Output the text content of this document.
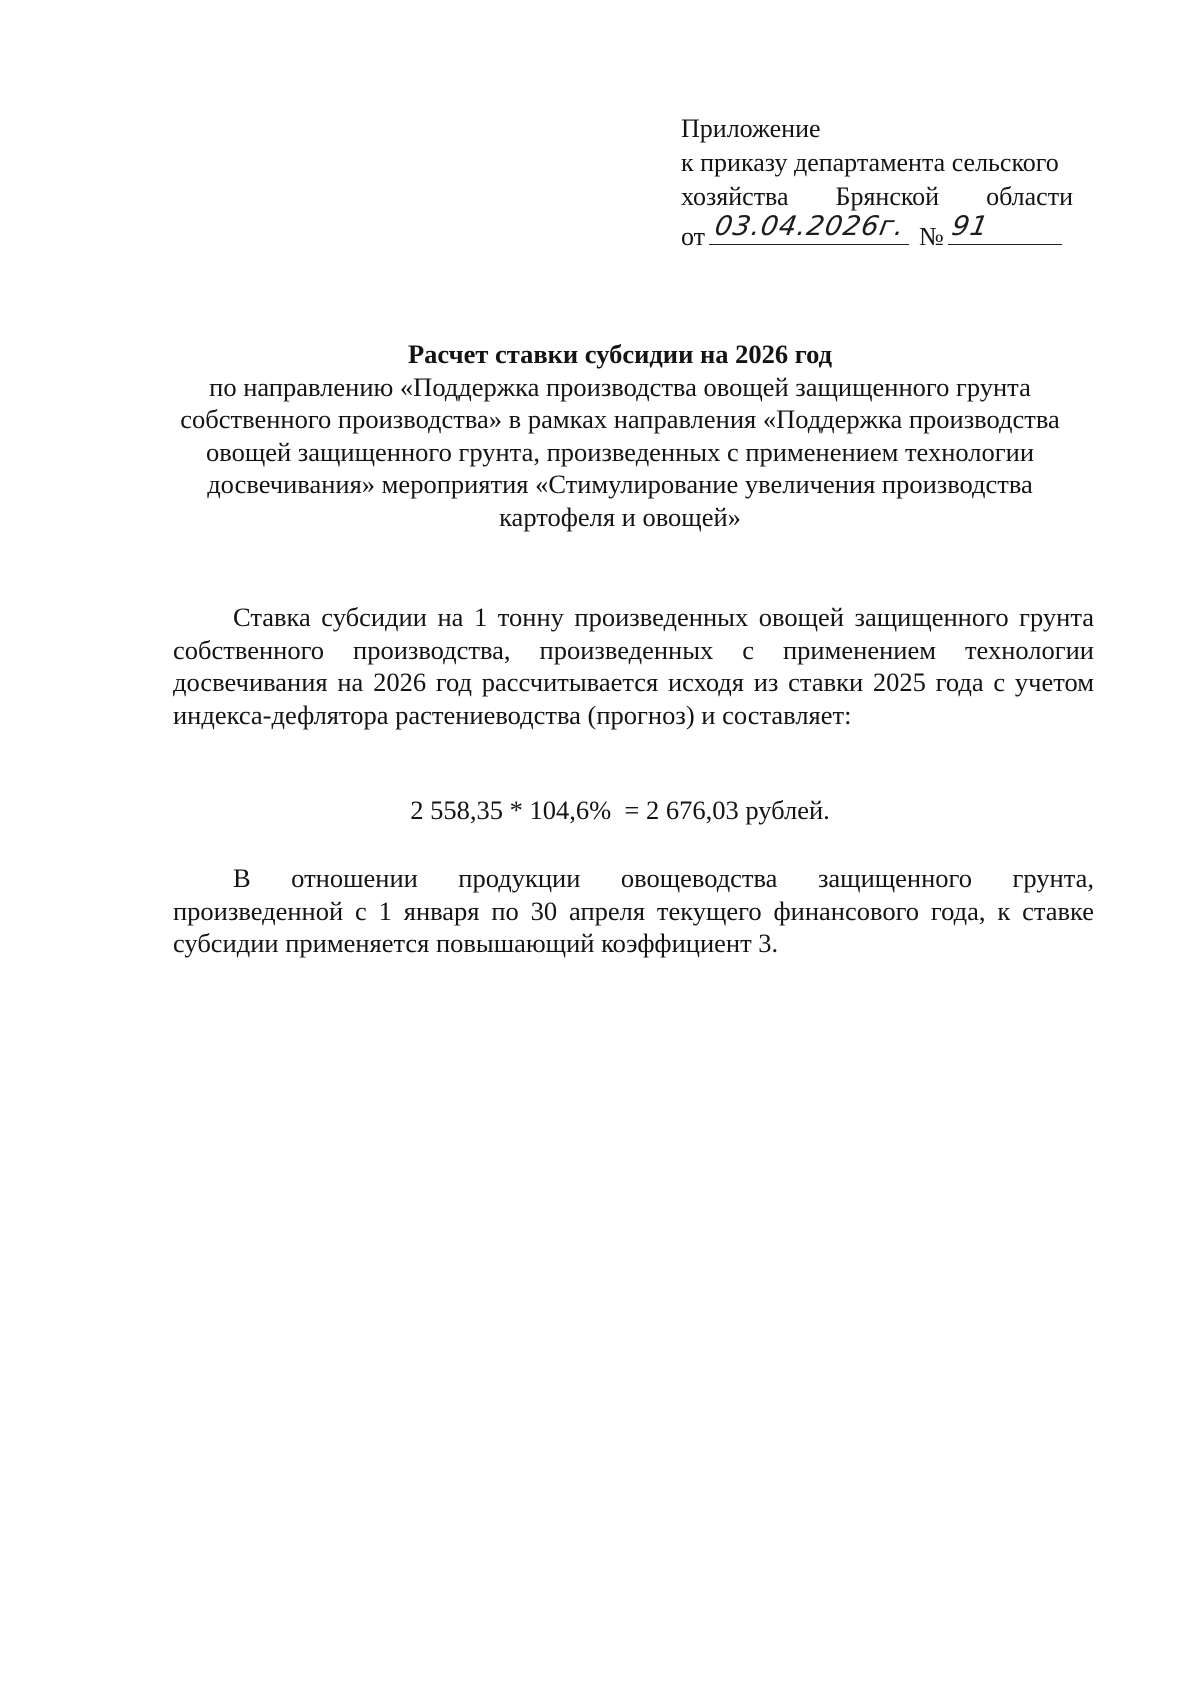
Приложение
к приказу департамента сельского
хозяйства Брянской области
от 03.04.2026г. № 91
Расчет ставки субсидии на 2026 год
по направлению «Поддержка производства овощей защищенного грунта собственного производства» в рамках направления «Поддержка производства овощей защищенного грунта, произведенных с применением технологии досвечивания» мероприятия «Стимулирование увеличения производства картофеля и овощей»

Ставка субсидии на 1 тонну произведенных овощей защищенного грунта собственного производства, произведенных с применением технологии досвечивания на 2026 год рассчитывается исходя из ставки 2025 года с учетом индекса-дефлятора растениеводства (прогноз) и составляет:

2 558,35 * 104,6%  = 2 676,03 рублей.

В отношении продукции овощеводства защищенного грунта, произведенной с 1 января по 30 апреля текущего финансового года, к ставке субсидии применяется повышающий коэффициент 3.
